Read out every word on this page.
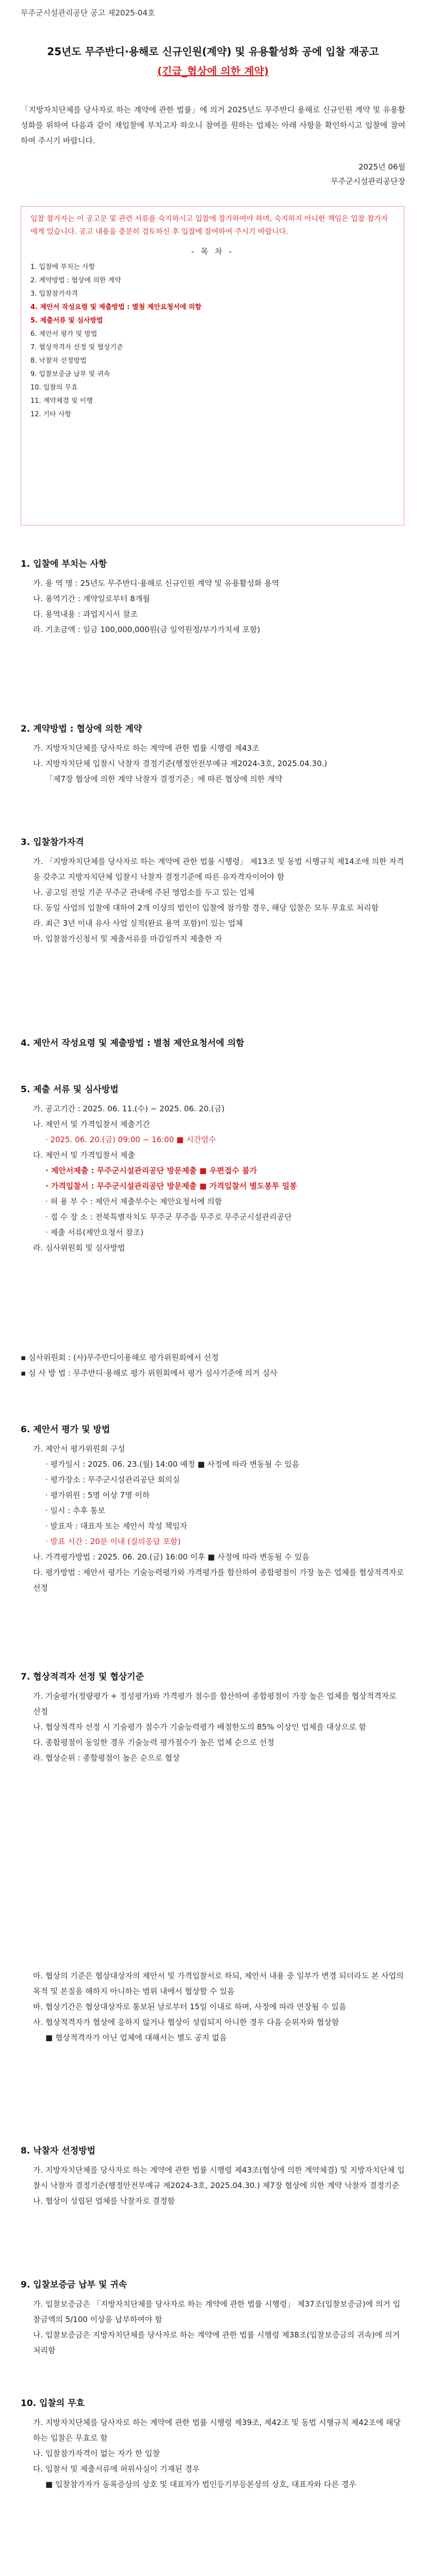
무주군시설관리공단 공고 제2025-04호
25년도 무주반디·용해로 신규인원(계약) 및 유용활성화 공에 입찰 재공고
(긴급_협상에 의한 계약)
「지방자치단체를 당사자로 하는 계약에 관한 법률」에 의거 2025년도 무주반디 용해로 신규인원 계약 및 유용활성화를 위하여 다음과 같이 재입찰에 부치고자 하오니 참여를 원하는 업체는 아래 사항을 확인하시고 입찰에 참여하여 주시기 바랍니다.
2025년 06월
무주군시설관리공단장
입찰 참가자는 이 공고문 및 관련 서류를 숙지하시고 입찰에 참가하여야 하며, 숙지하지 아니한 책임은 입찰 참가자에게 있습니다. 공고 내용을 충분히 검토하신 후 입찰에 참여하여 주시기 바랍니다.
- 목 차 -
1. 입찰에 부치는 사항
2. 계약방법 : 협상에 의한 계약
3. 입찰참가자격
4. 제안서 작성요령 및 제출방법 : 별첨 제안요청서에 의함
5. 제출서류 및 심사방법
6. 제안서 평가 및 방법
7. 협상적격자 선정 및 협상기준
8. 낙찰자 선정방법
9. 입찰보증금 납부 및 귀속
10. 입찰의 무효
11. 계약체결 및 이행
12. 기타 사항
1. 입찰에 부치는 사항

가. 용 역 명 : 25년도 무주반디·용해로 신규인원 계약 및 유용활성화 용역

나. 용역기간 : 계약일로부터 8개월

다. 용역내용 : 과업지시서 참조

라. 기초금액 : 일금 100,000,000원(금 일억원정/부가가치세 포함)

2. 계약방법 : 협상에 의한 계약

가. 지방자치단체를 당사자로 하는 계약에 관한 법률 시행령 제43조

나. 지방자치단체 입찰시 낙찰자 결정기준(행정안전부예규 제2024-3호, 2025.04.30.)

「제7장 협상에 의한 계약 낙찰자 결정기준」에 따른 협상에 의한 계약

3. 입찰참가자격

가. 「지방자치단체를 당사자로 하는 계약에 관한 법률 시행령」 제13조 및 동법 시행규칙 제14조에 의한 자격을 갖추고 지방자치단체 입찰시 낙찰자 결정기준에 따른 유자격자이어야 함

나. 공고일 전일 기준 무주군 관내에 주된 영업소를 두고 있는 업체

다. 동일 사업의 입찰에 대하여 2개 이상의 법인이 입찰에 참가할 경우, 해당 입찰은 모두 무효로 처리함

라. 최근 3년 이내 유사 사업 실적(완료 용역 포함)이 있는 업체

마. 입찰참가신청서 및 제출서류를 마감일까지 제출한 자

4. 제안서 작성요령 및 제출방법 : 별첨 제안요청서에 의함
5. 제출 서류 및 심사방법

가. 공고기간 : 2025. 06. 11.(수) ~ 2025. 06. 20.(금)

나. 제안서 및 가격입찰서 제출기간

· 2025. 06. 20.(금) 09:00 ~ 16:00 ■ 시간엄수

다. 제안서 및 가격입찰서 제출

· 제안서제출 : 무주군시설관리공단 방문제출 ■ 우편접수 불가

· 가격입찰서 : 무주군시설관리공단 방문제출 ■ 가격입찰서 별도봉투 밀봉

· 허 용 부 수 : 제안서 제출부수는 제안요청서에 의함

· 접 수 장 소 : 전북특별자치도 무주군 무주읍 무주로 무주군시설관리공단

· 제출 서류(제안요청서 참조)

라. 심사위원회 및 심사방법

▪ 심사위원회 : (사)무주반디이용해로 평가위원회에서 선정
▪ 심 사 방 법 : 무주반디·용해로 평가 위원회에서 평가 심사기준에 의거 심사
6. 제안서 평가 및 방법

가. 제안서 평가위원회 구성

· 평가일시 : 2025. 06. 23.(월) 14:00 예정 ■ 사정에 따라 변동될 수 있음

· 평가장소 : 무주군시설관리공단 회의실

· 평가위원 : 5명 이상 7명 이하

· 일시 : 추후 통보

· 발표자 : 대표자 또는 제안서 작성 책임자

· 발표 시간 : 20분 이내 (질의응답 포함)

나. 가격평가방법 : 2025. 06. 20.(금) 16:00 이후 ■ 사정에 따라 변동될 수 있음

다. 평가방법 : 제안서 평가는 기술능력평가와 가격평가를 합산하여 종합평점이 가장 높은 업체를 협상적격자로 선정

7. 협상적격자 선정 및 협상기준

가. 기술평가(정량평가 + 정성평가)와 가격평가 점수를 합산하여 종합평점이 가장 높은 업체를 협상적격자로 선정

나. 협상적격자 선정 시 기술평가 점수가 기술능력평가 배점한도의 85% 이상인 업체를 대상으로 함

다. 종합평점이 동일한 경우 기술능력 평가점수가 높은 업체 순으로 선정

라. 협상순위 : 종합평점이 높은 순으로 협상

마. 협상의 기준은 협상대상자의 제안서 및 가격입찰서로 하되, 제안서 내용 중 일부가 변경 되더라도 본 사업의 목적 및 본질을 해하지 아니하는 범위 내에서 협상할 수 있음

바. 협상기간은 협상대상자로 통보된 날로부터 15일 이내로 하며, 사정에 따라 연장될 수 있음

사. 협상적격자가 협상에 응하지 않거나 협상이 성립되지 아니한 경우 다음 순위자와 협상함

■ 협상적격자가 아닌 업체에 대해서는 별도 공지 없음

8. 낙찰자 선정방법

가. 지방자치단체를 당사자로 하는 계약에 관한 법률 시행령 제43조(협상에 의한 계약체결) 및 지방자치단체 입찰시 낙찰자 결정기준(행정안전부예규 제2024-3호, 2025.04.30.) 제7장 협상에 의한 계약 낙찰자 결정기준

나. 협상이 성립된 업체를 낙찰자로 결정함

9. 입찰보증금 납부 및 귀속

가. 입찰보증금은 「지방자치단체를 당사자로 하는 계약에 관한 법률 시행령」 제37조(입찰보증금)에 의거 입찰금액의 5/100 이상을 납부하여야 함

나. 입찰보증금은 지방자치단체를 당사자로 하는 계약에 관한 법률 시행령 제38조(입찰보증금의 귀속)에 의거 처리함

10. 입찰의 무효

가. 지방자치단체를 당사자로 하는 계약에 관한 법률 시행령 제39조, 제42조 및 동법 시행규칙 제42조에 해당하는 입찰은 무효로 함

나. 입찰참가자격이 없는 자가 한 입찰

다. 입찰서 및 제출서류에 허위사실이 기재된 경우

■ 입찰참가자가 동록증상의 상호 및 대표자가 법인등기부등본상의 상호, 대표자와 다른 경우
